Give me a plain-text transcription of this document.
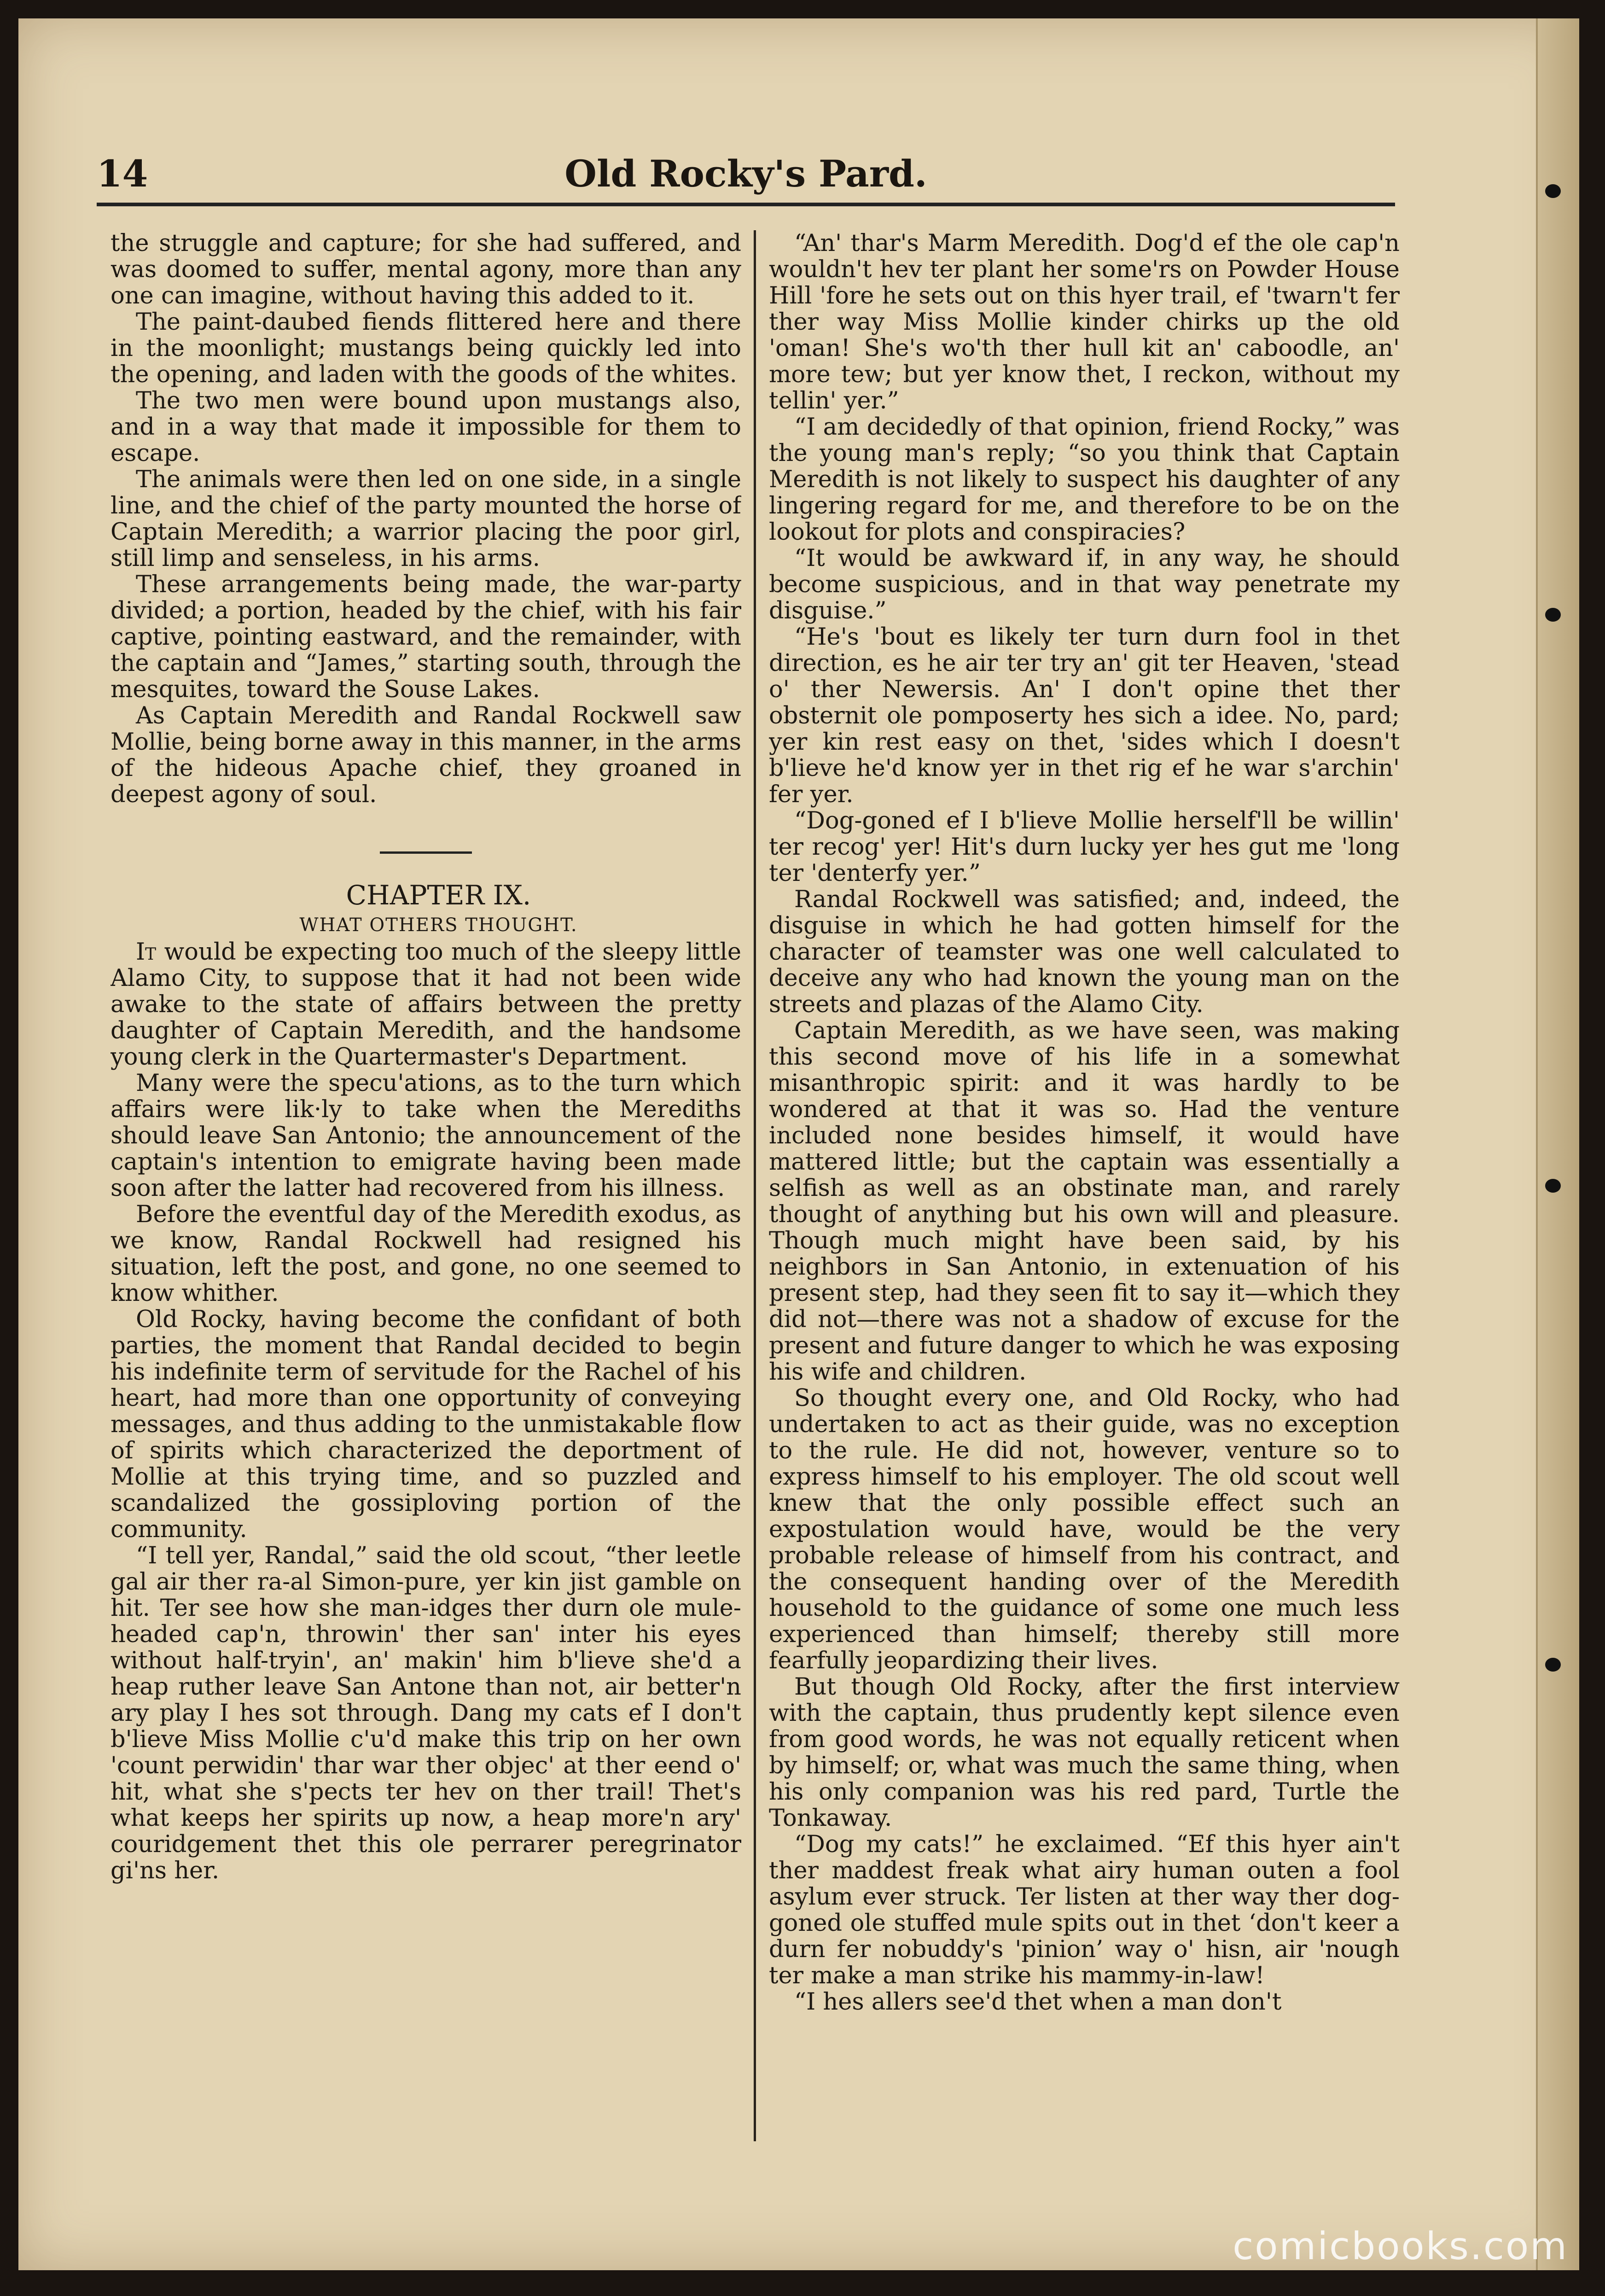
14	Old Rocky's Pard.

the struggle and capture; for she had suffered, and was doomed to suffer, mental agony, more than any one can imagine, without having this added to it.

The paint-daubed fiends flittered here and there in the moonlight; mustangs being quickly led into the opening, and laden with the goods of the whites.

The two men were bound upon mustangs also, and in a way that made it impossible for them to escape.

The animals were then led on one side, in a single line, and the chief of the party mounted the horse of Captain Meredith; a warrior placing the poor girl, still limp and senseless, in his arms.

These arrangements being made, the war-party divided; a portion, headed by the chief, with his fair captive, pointing eastward, and the remainder, with the captain and “James,” starting south, through the mesquites, toward the Souse Lakes.

As Captain Meredith and Randal Rockwell saw Mollie, being borne away in this manner, in the arms of the hideous Apache chief, they groaned in deepest agony of soul.

CHAPTER IX.

WHAT OTHERS THOUGHT.

It would be expecting too much of the sleepy little Alamo City, to suppose that it had not been wide awake to the state of affairs between the pretty daughter of Captain Meredith, and the handsome young clerk in the Quartermaster's Department.

Many were the specu'ations, as to the turn which affairs were lik·ly to take when the Merediths should leave San Antonio; the announcement of the captain's intention to emigrate having been made soon after the latter had recovered from his illness.

Before the eventful day of the Meredith exodus, as we know, Randal Rockwell had resigned his situation, left the post, and gone, no one seemed to know whither.

Old Rocky, having become the confidant of both parties, the moment that Randal decided to begin his indefinite term of servitude for the Rachel of his heart, had more than one opportunity of conveying messages, and thus adding to the unmistakable flow of spirits which characterized the deportment of Mollie at this trying time, and so puzzled and scandalized the gossiploving portion of the community.

“I tell yer, Randal,” said the old scout, “ther leetle gal air ther ra-al Simon-pure, yer kin jist gamble on hit. Ter see how she man-idges ther durn ole mule-headed cap'n, throwin' ther san' inter his eyes without half-tryin', an' makin' him b'lieve she'd a heap ruther leave San Antone than not, air better'n ary play I hes sot through. Dang my cats ef I don't b'lieve Miss Mollie c'u'd make this trip on her own 'count perwidin' thar war ther objec' at ther eend o' hit, what she s'pects ter hev on ther trail! Thet's what keeps her spirits up now, a heap more'n ary' couridgement thet this ole perrarer peregrinator gi'ns her.

“An' thar's Marm Meredith. Dog'd ef the ole cap'n wouldn't hev ter plant her some'rs on Powder House Hill 'fore he sets out on this hyer trail, ef 'twarn't fer ther way Miss Mollie kinder chirks up the old 'oman! She's wo'th ther hull kit an' caboodle, an' more tew; but yer know thet, I reckon, without my tellin' yer.”

“I am decidedly of that opinion, friend Rocky,” was the young man's reply; “so you think that Captain Meredith is not likely to suspect his daughter of any lingering regard for me, and therefore to be on the lookout for plots and conspiracies?

“It would be awkward if, in any way, he should become suspicious, and in that way penetrate my disguise.”

“He's 'bout es likely ter turn durn fool in thet direction, es he air ter try an' git ter Heaven, 'stead o' ther Newersis. An' I don't opine thet ther obsternit ole pomposerty hes sich a idee. No, pard; yer kin rest easy on thet, 'sides which I doesn't b'lieve he'd know yer in thet rig ef he war s'archin' fer yer.

“Dog-goned ef I b'lieve Mollie herself'll be willin' ter recog' yer! Hit's durn lucky yer hes gut me 'long ter 'denterfy yer.”

Randal Rockwell was satisfied; and, indeed, the disguise in which he had gotten himself for the character of teamster was one well calculated to deceive any who had known the young man on the streets and plazas of the Alamo City.

Captain Meredith, as we have seen, was making this second move of his life in a somewhat misanthropic spirit: and it was hardly to be wondered at that it was so. Had the venture included none besides himself, it would have mattered little; but the captain was essentially a selfish as well as an obstinate man, and rarely thought of anything but his own will and pleasure. Though much might have been said, by his neighbors in San Antonio, in extenuation of his present step, had they seen fit to say it—which they did not—there was not a shadow of excuse for the present and future danger to which he was exposing his wife and children.

So thought every one, and Old Rocky, who had undertaken to act as their guide, was no exception to the rule. He did not, however, venture so to express himself to his employer. The old scout well knew that the only possible effect such an expostulation would have, would be the very probable release of himself from his contract, and the consequent handing over of the Meredith household to the guidance of some one much less experienced than himself; thereby still more fearfully jeopardizing their lives.

But though Old Rocky, after the first interview with the captain, thus prudently kept silence even from good words, he was not equally reticent when by himself; or, what was much the same thing, when his only companion was his red pard, Turtle the Tonkaway.

“Dog my cats!” he exclaimed. “Ef this hyer ain't ther maddest freak what airy human outen a fool asylum ever struck. Ter listen at ther way ther dog-goned ole stuffed mule spits out in thet ‘don't keer a durn fer nobuddy's 'pinion’ way o' hisn, air 'nough ter make a man strike his mammy-in-law!

“I hes allers see'd thet when a man don't

comicbooks.com
